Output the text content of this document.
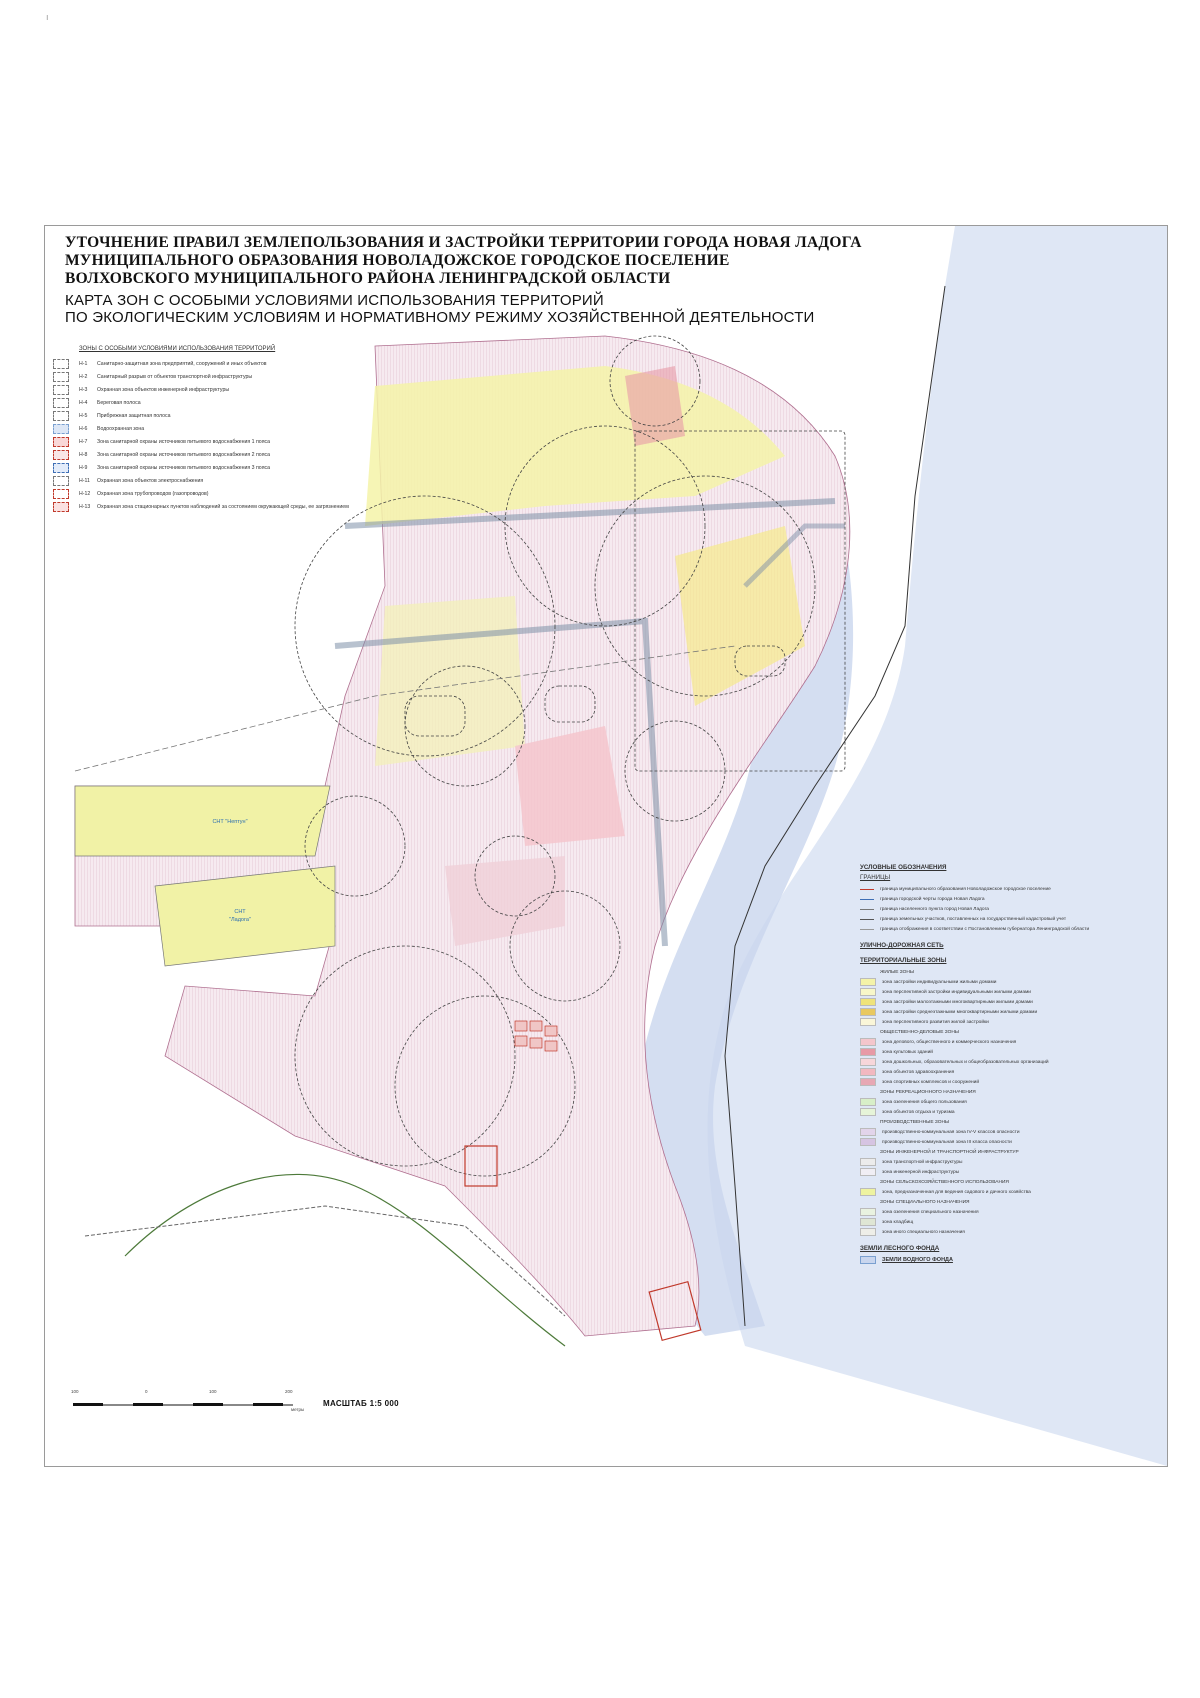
ı
СНТ "Нептун"
СНТ
"Ладога"

УТОЧНЕНИЕ ПРАВИЛ ЗЕМЛЕПОЛЬЗОВАНИЯ И ЗАСТРОЙКИ ТЕРРИТОРИИ ГОРОДА НОВАЯ ЛАДОГА

МУНИЦИПАЛЬНОГО ОБРАЗОВАНИЯ НОВОЛАДОЖСКОЕ ГОРОДСКОЕ ПОСЕЛЕНИЕ

ВОЛХОВСКОГО МУНИЦИПАЛЬНОГО РАЙОНА ЛЕНИНГРАДСКОЙ ОБЛАСТИ

КАРТА ЗОН С ОСОБЫМИ УСЛОВИЯМИ ИСПОЛЬЗОВАНИЯ ТЕРРИТОРИЙ

ПО ЭКОЛОГИЧЕСКИМ УСЛОВИЯМ И НОРМАТИВНОМУ РЕЖИМУ ХОЗЯЙСТВЕННОЙ ДЕЯТЕЛЬНОСТИ

ЗОНЫ С ОСОБЫМИ УСЛОВИЯМИ ИСПОЛЬЗОВАНИЯ ТЕРРИТОРИЙ
Н-1	Санитарно-защитная зона предприятий, сооружений и иных объектов
Н-2	Санитарный разрыв от объектов транспортной инфраструктуры
Н-3	Охранная зона объектов инженерной инфраструктуры
Н-4	Береговая полоса
Н-5	Прибрежная защитная полоса
Н-6	Водоохранная зона
Н-7	Зона санитарной охраны источников питьевого водоснабжения 1 пояса
Н-8	Зона санитарной охраны источников питьевого водоснабжения 2 пояса
Н-9	Зона санитарной охраны источников питьевого водоснабжения 3 пояса
Н-11	Охранная зона объектов электроснабжения
Н-12	Охранная зона трубопроводов (газопроводов)
Н-13	Охранная зона стационарных пунктов наблюдений за состоянием окружающей среды, ее загрязнением
УСЛОВНЫЕ ОБОЗНАЧЕНИЯ
ГРАНИЦЫ
граница муниципального образования Новоладожское городское поселение
граница городской черты города Новая Ладога
граница населенного пункта город Новая Ладога
граница земельных участков, поставленных на государственный кадастровый учет
граница отображения в соответствии с Постановлением губернатора Ленинградской области
УЛИЧНО-ДОРОЖНАЯ СЕТЬ
ТЕРРИТОРИАЛЬНЫЕ ЗОНЫ
ЖИЛЫЕ ЗОНЫ
зона застройки индивидуальными жилыми домами
зона перспективной застройки индивидуальными жилыми домами
зона застройки малоэтажными многоквартирными жилыми домами
зона застройки среднеэтажными многоквартирными жилыми домами
зона перспективного развития жилой застройки
ОБЩЕСТВЕННО-ДЕЛОВЫЕ ЗОНЫ
зона делового, общественного и коммерческого назначения
зона культовых зданий
зона дошкольных, образовательных и общеобразовательных организаций
зона объектов здравоохранения
зона спортивных комплексов и сооружений
ЗОНЫ РЕКРЕАЦИОННОГО НАЗНАЧЕНИЯ
зона озеленения общего пользования
зона объектов отдыха и туризма
ПРОИЗВОДСТВЕННЫЕ ЗОНЫ
производственно-коммунальная зона IV-V классов опасности
производственно-коммунальная зона III класса опасности
ЗОНЫ ИНЖЕНЕРНОЙ И ТРАНСПОРТНОЙ ИНФРАСТРУКТУР
зона транспортной инфраструктуры
зона инженерной инфраструктуры
ЗОНЫ СЕЛЬСКОХОЗЯЙСТВЕННОГО ИСПОЛЬЗОВАНИЯ
зона, предназначенная для ведения садового и дачного хозяйства
ЗОНЫ СПЕЦИАЛЬНОГО НАЗНАЧЕНИЯ
зона озеленения специального назначения
зона кладбищ
зона иного специального назначения
ЗЕМЛИ ЛЕСНОГО ФОНДА
ЗЕМЛИ ВОДНОГО ФОНДА
100	0	100	200
метры
МАСШТАБ 1:5 000
